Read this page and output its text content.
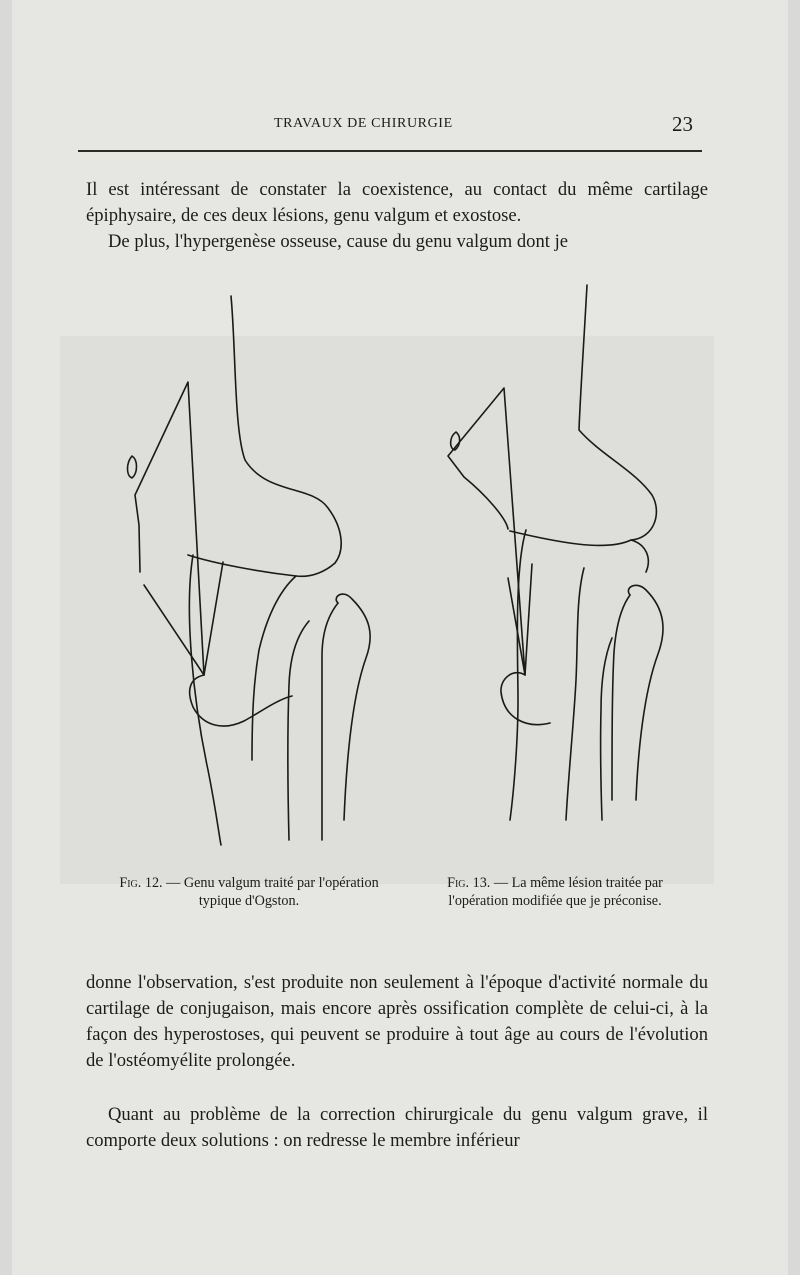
TRAVAUX DE CHIRURGIE	23
Il est intéressant de constater la coexistence, au contact du même cartilage épiphysaire, de ces deux lésions, genu valgum et exostose.
De plus, l'hypergenèse osseuse, cause du genu valgum dont je
Fig. 12. — Genu valgum traité par l'opération typique d'Ogston.
Fig. 13. — La même lésion traitée par l'opération modifiée que je préconise.
donne l'observation, s'est produite non seulement à l'époque d'activité normale du cartilage de conjugaison, mais encore après ossification complète de celui-ci, à la façon des hyperostoses, qui peuvent se produire à tout âge au cours de l'évolution de l'ostéomyélite prolongée.
Quant au problème de la correction chirurgicale du genu valgum grave, il comporte deux solutions : on redresse le membre inférieur
